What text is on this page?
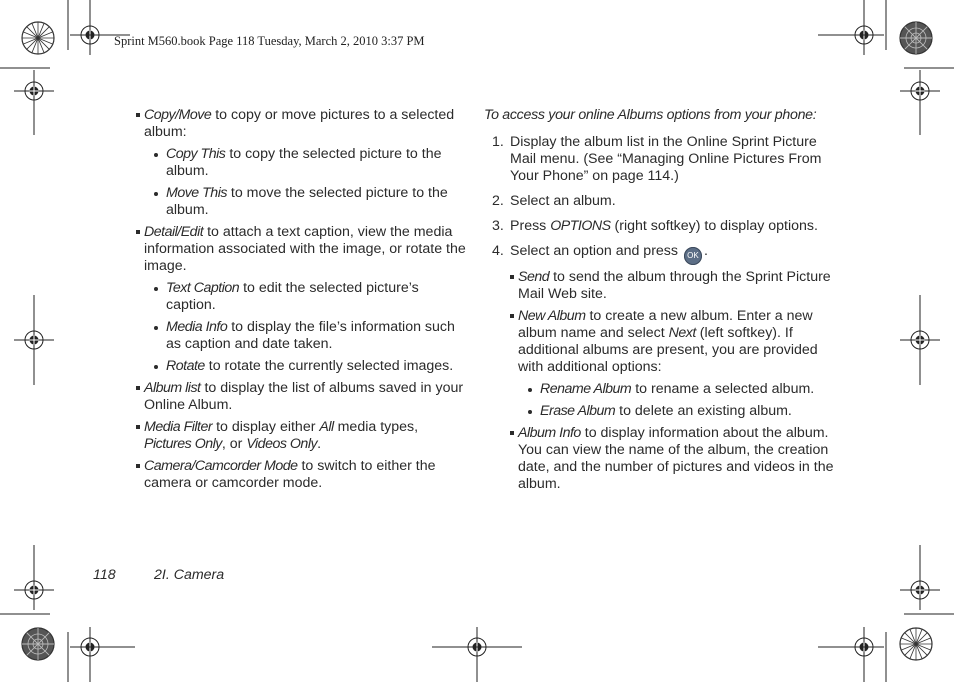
Sprint M560.book Page 118 Tuesday, March 2, 2010 3:37 PM
Copy/Move to copy or move pictures to a selected album:
Copy This to copy the selected picture to the album.
Move This to move the selected picture to the album.
Detail/Edit to attach a text caption, view the media information associated with the image, or rotate the image.
Text Caption to edit the selected picture’s caption.
Media Info to display the file’s information such as caption and date taken.
Rotate to rotate the currently selected images.
Album list to display the list of albums saved in your Online Album.
Media Filter to display either All media types, Pictures Only, or Videos Only.
Camera/Camcorder Mode to switch to either the camera or camcorder mode.
To access your online Albums options from your phone:
1. Display the album list in the Online Sprint Picture Mail menu. (See “Managing Online Pictures From Your Phone” on page 114.)
2. Select an album.
3. Press OPTIONS (right softkey) to display options.
4. Select an option and press OK .
Send to send the album through the Sprint Picture Mail Web site.
New Album to create a new album. Enter a new album name and select Next (left softkey). If additional albums are present, you are provided with additional options:
Rename Album to rename a selected album.
Erase Album to delete an existing album.
Album Info to display information about the album. You can view the name of the album, the creation date, and the number of pictures and videos in the album.
118	2I. Camera
